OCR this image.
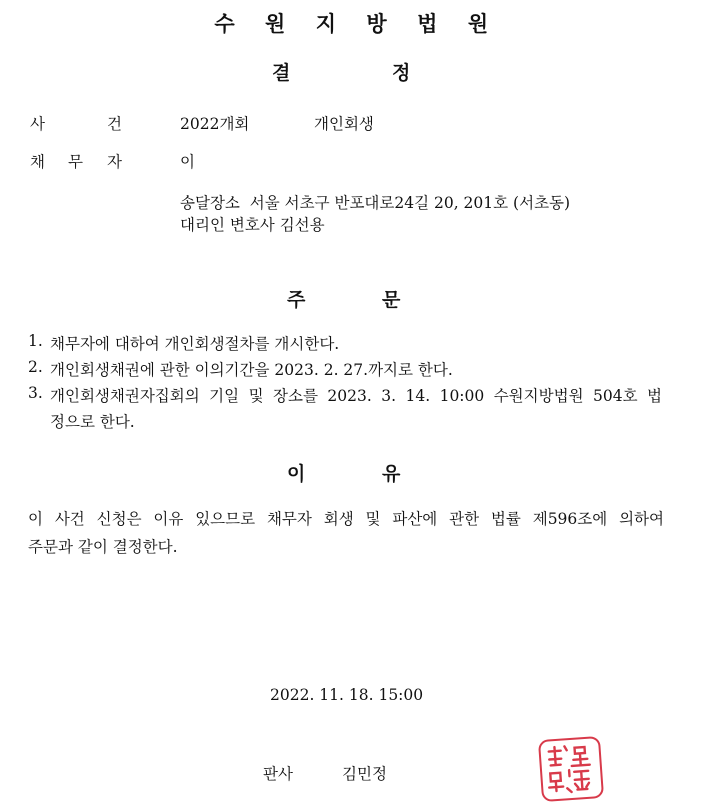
수 원 지 방 법 원
결	정
사	건	2022개회	개인회생
채 무 자	이
송달장소  서울 서초구 반포대로24길 20, 201호 (서초동)
대리인 변호사 김선용
주	문
1. 채무자에 대하여 개인회생절차를 개시한다.
2. 개인회생채권에 관한 이의기간을 2023. 2. 27.까지로 한다.
3. 개인회생채권자집회의 기일 및 장소를 2023. 3. 14. 10:00 수원지방법원 504호 법
정으로 한다.
이	유
이 사건 신청은 이유 있으므로 채무자 회생 및 파산에 관한 법률 제596조에 의하여
주문과 같이 결정한다.
2022. 11. 18. 15:00
판사	김민정
